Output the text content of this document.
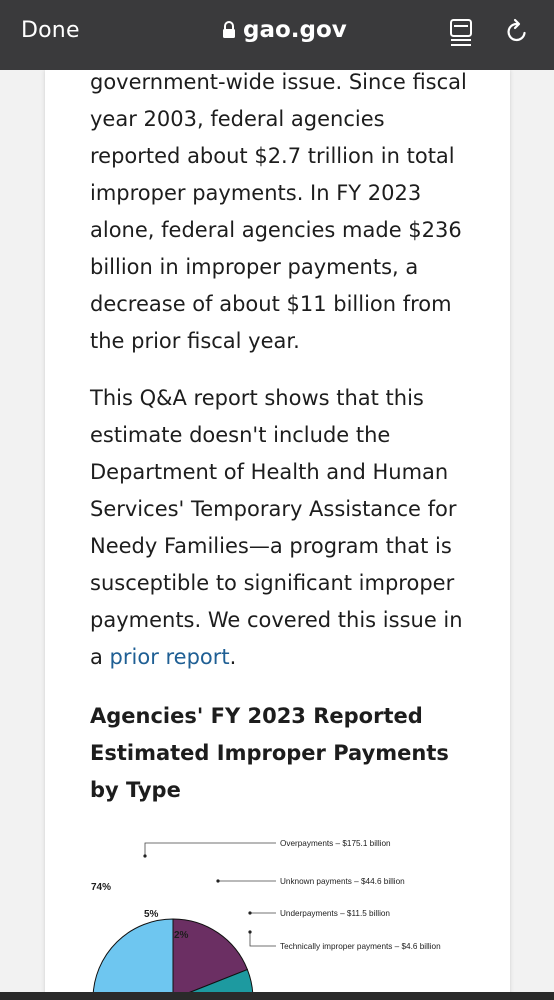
Done	gao.gov

government-wide issue. Since fiscal year 2003, federal agencies reported about $2.7 trillion in total improper payments. In FY 2023 alone, federal agencies made $236 billion in improper payments, a decrease of about $11 billion from the prior fiscal year.

This Q&A report shows that this estimate doesn't include the Department of Health and Human Services' Temporary Assistance for Needy Families—a program that is susceptible to significant improper payments. We covered this issue in a prior report.

Agencies' FY 2023 Reported Estimated Improper Payments by Type
74%
19%
5%
2%
Overpayments – $175.1 billion
Unknown payments – $44.6 billion
Underpayments – $11.5 billion
Technically improper payments – $4.6 billion
